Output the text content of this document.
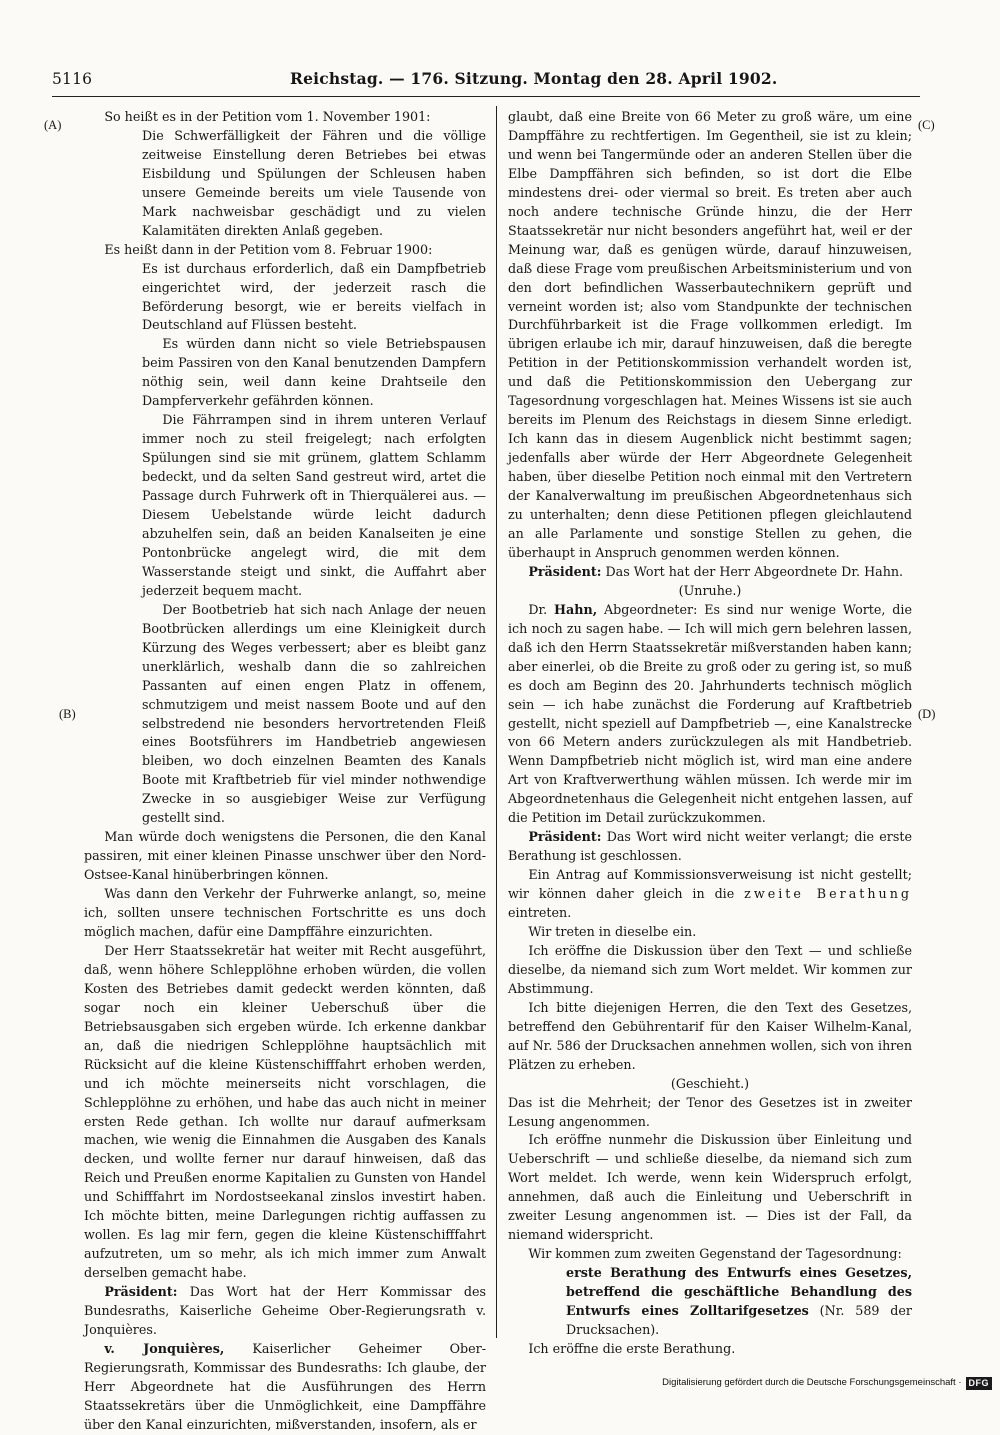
5116	Reichstag. — 176. Sitzung. Montag den 28. April 1902.
(A)
(B)
(C)
(D)

So heißt es in der Petition vom 1. November 1901:

Die Schwerfälligkeit der Fähren und die völlige zeitweise Einstellung deren Betriebes bei etwas Eisbildung und Spülungen der Schleusen haben unsere Gemeinde bereits um viele Tausende von Mark nachweisbar geschädigt und zu vielen Kalamitäten direkten Anlaß gegeben.

Es heißt dann in der Petition vom 8. Februar 1900:

Es ist durchaus erforderlich, daß ein Dampfbetrieb eingerichtet wird, der jederzeit rasch die Beförderung besorgt, wie er bereits vielfach in Deutschland auf Flüssen besteht.

Es würden dann nicht so viele Betriebspausen beim Passiren von den Kanal benutzenden Dampfern nöthig sein, weil dann keine Drahtseile den Dampferverkehr gefährden können.

Die Fährrampen sind in ihrem unteren Verlauf immer noch zu steil freigelegt; nach erfolgten Spülungen sind sie mit grünem, glattem Schlamm bedeckt, und da selten Sand gestreut wird, artet die Passage durch Fuhrwerk oft in Thierquälerei aus. — Diesem Uebelstande würde leicht dadurch abzuhelfen sein, daß an beiden Kanalseiten je eine Pontonbrücke angelegt wird, die mit dem Wasserstande steigt und sinkt, die Auffahrt aber jederzeit bequem macht.

Der Bootbetrieb hat sich nach Anlage der neuen Bootbrücken allerdings um eine Kleinigkeit durch Kürzung des Weges verbessert; aber es bleibt ganz unerklärlich, weshalb dann die so zahlreichen Passanten auf einen engen Platz in offenem, schmutzigem und meist nassem Boote und auf den selbstredend nie besonders hervortretenden Fleiß eines Bootsführers im Handbetrieb angewiesen bleiben, wo doch einzelnen Beamten des Kanals Boote mit Kraftbetrieb für viel minder nothwendige Zwecke in so ausgiebiger Weise zur Verfügung gestellt sind.

Man würde doch wenigstens die Personen, die den Kanal passiren, mit einer kleinen Pinasse unschwer über den Nord-Ostsee-Kanal hinüberbringen können.

Was dann den Verkehr der Fuhrwerke anlangt, so, meine ich, sollten unsere technischen Fortschritte es uns doch möglich machen, dafür eine Dampffähre einzurichten.

Der Herr Staatssekretär hat weiter mit Recht ausgeführt, daß, wenn höhere Schlepplöhne erhoben würden, die vollen Kosten des Betriebes damit gedeckt werden könnten, daß sogar noch ein kleiner Ueberschuß über die Betriebsausgaben sich ergeben würde. Ich erkenne dankbar an, daß die niedrigen Schlepplöhne hauptsächlich mit Rücksicht auf die kleine Küstenschifffahrt erhoben werden, und ich möchte meinerseits nicht vorschlagen, die Schlepplöhne zu erhöhen, und habe das auch nicht in meiner ersten Rede gethan. Ich wollte nur darauf aufmerksam machen, wie wenig die Einnahmen die Ausgaben des Kanals decken, und wollte ferner nur darauf hinweisen, daß das Reich und Preußen enorme Kapitalien zu Gunsten von Handel und Schifffahrt im Nordostseekanal zinslos investirt haben. Ich möchte bitten, meine Darlegungen richtig auffassen zu wollen. Es lag mir fern, gegen die kleine Küstenschifffahrt aufzutreten, um so mehr, als ich mich immer zum Anwalt derselben gemacht habe.

Präsident: Das Wort hat der Herr Kommissar des Bundesraths, Kaiserliche Geheime Ober-Regierungsrath v. Jonquières.

v. Jonquières, Kaiserlicher Geheimer Ober-Regierungsrath, Kommissar des Bundesraths: Ich glaube, der Herr Abgeordnete hat die Ausführungen des Herrn Staatssekretärs über die Unmöglichkeit, eine Dampffähre über den Kanal einzurichten, mißverstanden, insofern, als er

glaubt, daß eine Breite von 66 Meter zu groß wäre, um eine Dampffähre zu rechtfertigen. Im Gegentheil, sie ist zu klein; und wenn bei Tangermünde oder an anderen Stellen über die Elbe Dampffähren sich befinden, so ist dort die Elbe mindestens drei- oder viermal so breit. Es treten aber auch noch andere technische Gründe hinzu, die der Herr Staatssekretär nur nicht besonders angeführt hat, weil er der Meinung war, daß es genügen würde, darauf hinzuweisen, daß diese Frage vom preußischen Arbeitsministerium und von den dort befindlichen Wasserbautechnikern geprüft und verneint worden ist; also vom Standpunkte der technischen Durchführbarkeit ist die Frage vollkommen erledigt. Im übrigen erlaube ich mir, darauf hinzuweisen, daß die beregte Petition in der Petitionskommission verhandelt worden ist, und daß die Petitionskommission den Uebergang zur Tagesordnung vorgeschlagen hat. Meines Wissens ist sie auch bereits im Plenum des Reichstags in diesem Sinne erledigt. Ich kann das in diesem Augenblick nicht bestimmt sagen; jedenfalls aber würde der Herr Abgeordnete Gelegenheit haben, über dieselbe Petition noch einmal mit den Vertretern der Kanalverwaltung im preußischen Abgeordnetenhaus sich zu unterhalten; denn diese Petitionen pflegen gleichlautend an alle Parlamente und sonstige Stellen zu gehen, die überhaupt in Anspruch genommen werden können.

Präsident: Das Wort hat der Herr Abgeordnete Dr. Hahn.

(Unruhe.)

Dr. Hahn, Abgeordneter: Es sind nur wenige Worte, die ich noch zu sagen habe. — Ich will mich gern belehren lassen, daß ich den Herrn Staatssekretär mißverstanden haben kann; aber einerlei, ob die Breite zu groß oder zu gering ist, so muß es doch am Beginn des 20. Jahrhunderts technisch möglich sein — ich habe zunächst die Forderung auf Kraftbetrieb gestellt, nicht speziell auf Dampfbetrieb —, eine Kanalstrecke von 66 Metern anders zurückzulegen als mit Handbetrieb. Wenn Dampfbetrieb nicht möglich ist, wird man eine andere Art von Kraftverwerthung wählen müssen. Ich werde mir im Abgeordnetenhaus die Gelegenheit nicht entgehen lassen, auf die Petition im Detail zurückzukommen.

Präsident: Das Wort wird nicht weiter verlangt; die erste Berathung ist geschlossen.

Ein Antrag auf Kommissionsverweisung ist nicht gestellt; wir können daher gleich in die zweite Berathung eintreten.

Wir treten in dieselbe ein.

Ich eröffne die Diskussion über den Text — und schließe dieselbe, da niemand sich zum Wort meldet. Wir kommen zur Abstimmung.

Ich bitte diejenigen Herren, die den Text des Gesetzes, betreffend den Gebührentarif für den Kaiser Wilhelm-Kanal, auf Nr. 586 der Drucksachen annehmen wollen, sich von ihren Plätzen zu erheben.

(Geschieht.)

Das ist die Mehrheit; der Tenor des Gesetzes ist in zweiter Lesung angenommen.

Ich eröffne nunmehr die Diskussion über Einleitung und Ueberschrift — und schließe dieselbe, da niemand sich zum Wort meldet. Ich werde, wenn kein Widerspruch erfolgt, annehmen, daß auch die Einleitung und Ueberschrift in zweiter Lesung angenommen ist. — Dies ist der Fall, da niemand widerspricht.

Wir kommen zum zweiten Gegenstand der Tagesordnung:

erste Berathung des Entwurfs eines Gesetzes, betreffend die geschäftliche Behandlung des Entwurfs eines Zolltarifgesetzes (Nr. 589 der Drucksachen).

Ich eröffne die erste Berathung.

Digitalisierung gefördert durch die Deutsche Forschungsgemeinschaft · DFG
